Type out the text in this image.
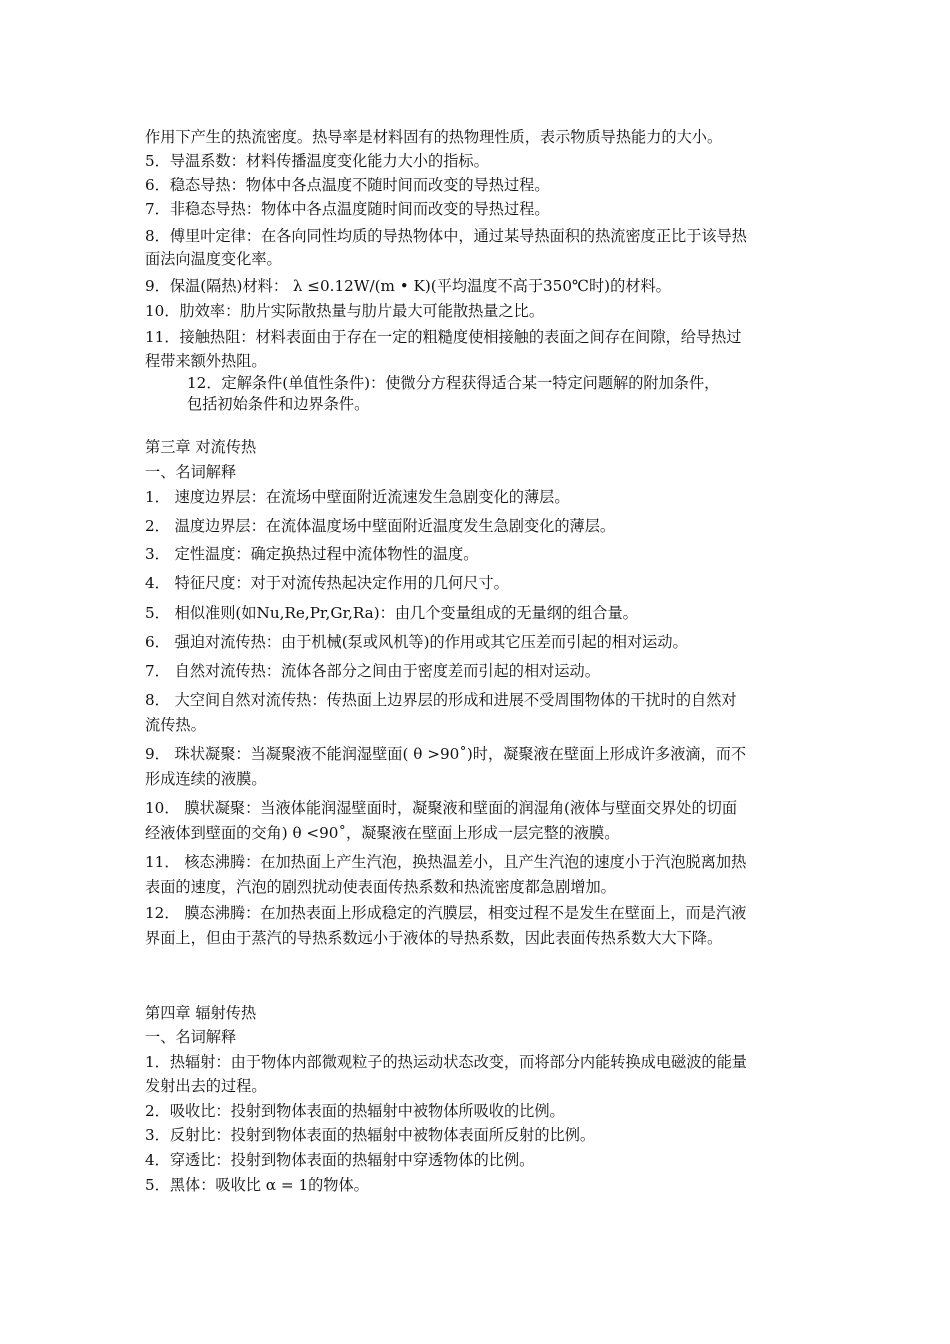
作用下产生的热流密度。热导率是材料固有的热物理性质，表示物质导热能力的大小。

5．导温系数：材料传播温度变化能力大小的指标。

6．稳态导热：物体中各点温度不随时间而改变的导热过程。

7．非稳态导热：物体中各点温度随时间而改变的导热过程。

8．傅里叶定律：在各向同性均质的导热物体中，通过某导热面积的热流密度正比于该导热

面法向温度变化率。

9．保温(隔热)材料： λ ≤0.12W/(m • K)(平均温度不高于350℃时)的材料。

10．肋效率：肋片实际散热量与肋片最大可能散热量之比。

11．接触热阻：材料表面由于存在一定的粗糙度使相接触的表面之间存在间隙，给导热过

程带来额外热阻。

12．定解条件(单值性条件)：使微分方程获得适合某一特定问题解的附加条件，

包括初始条件和边界条件。

第三章 对流传热

一、名词解释

1． 速度边界层：在流场中壁面附近流速发生急剧变化的薄层。

2． 温度边界层：在流体温度场中壁面附近温度发生急剧变化的薄层。

3． 定性温度：确定换热过程中流体物性的温度。

4． 特征尺度：对于对流传热起决定作用的几何尺寸。

5． 相似准则(如Nu,Re,Pr,Gr,Ra)：由几个变量组成的无量纲的组合量。

6． 强迫对流传热：由于机械(泵或风机等)的作用或其它压差而引起的相对运动。

7． 自然对流传热：流体各部分之间由于密度差而引起的相对运动。

8． 大空间自然对流传热：传热面上边界层的形成和进展不受周围物体的干扰时的自然对

流传热。

9． 珠状凝聚：当凝聚液不能润湿壁面( θ >90˚)时，凝聚液在壁面上形成许多液滴，而不

形成连续的液膜。

10． 膜状凝聚：当液体能润湿壁面时，凝聚液和壁面的润湿角(液体与壁面交界处的切面

经液体到壁面的交角) θ <90˚，凝聚液在壁面上形成一层完整的液膜。

11． 核态沸腾：在加热面上产生汽泡，换热温差小，且产生汽泡的速度小于汽泡脱离加热

表面的速度，汽泡的剧烈扰动使表面传热系数和热流密度都急剧增加。

12． 膜态沸腾：在加热表面上形成稳定的汽膜层，相变过程不是发生在壁面上，而是汽液

界面上，但由于蒸汽的导热系数远小于液体的导热系数，因此表面传热系数大大下降。

第四章 辐射传热

一、名词解释

1．热辐射：由于物体内部微观粒子的热运动状态改变，而将部分内能转换成电磁波的能量

发射出去的过程。

2．吸收比：投射到物体表面的热辐射中被物体所吸收的比例。

3．反射比：投射到物体表面的热辐射中被物体表面所反射的比例。

4．穿透比：投射到物体表面的热辐射中穿透物体的比例。

5．黑体：吸收比 α = 1的物体。
